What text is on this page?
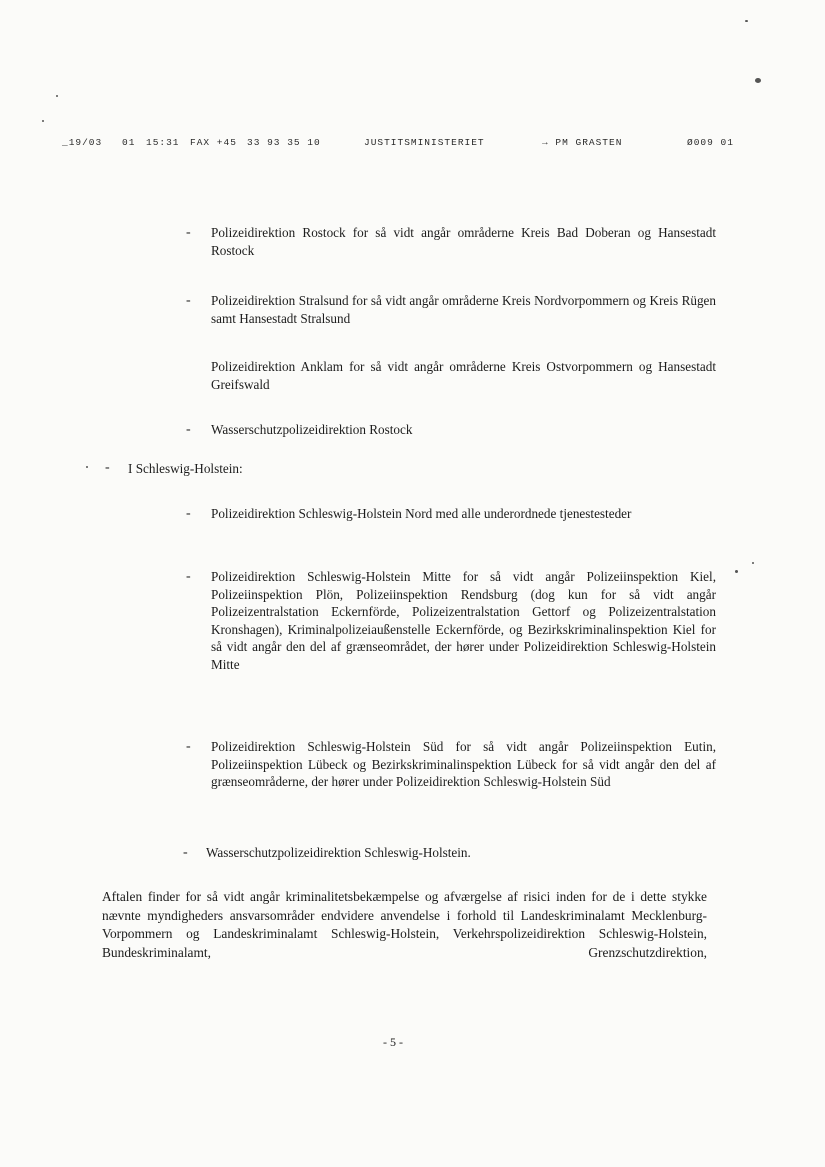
_19/03 01 15:31 FAX +45 33 93 35 10	JUSTITSMINISTERIET	→ PM GRASTEN	Ø009 01
- Polizeidirektion Rostock for så vidt angår områderne Kreis Bad Doberan og Hansestadt Rostock
- Polizeidirektion Stralsund for så vidt angår områderne Kreis Nordvorpommern og Kreis Rügen samt Hansestadt Stralsund
Polizeidirektion Anklam for så vidt angår områderne Kreis Ostvorpommern og Hansestadt Greifswald
- Wasserschutzpolizeidirektion Rostock
- I Schleswig-Holstein:
- Polizeidirektion Schleswig-Holstein Nord med alle underordnede tjenestesteder
- Polizeidirektion Schleswig-Holstein Mitte for så vidt angår Polizeiinspektion Kiel, Polizeiinspektion Plön, Polizeiinspektion Rendsburg (dog kun for så vidt angår Polizeizentralstation Eckernförde, Polizeizentralstation Gettorf og Polizeizentralstation Kronshagen), Kriminalpolizeiaußenstelle Eckernförde, og Bezirkskriminalinspektion Kiel for så vidt angår den del af grænseområdet, der hører under Polizeidirektion Schleswig-Holstein Mitte
- Polizeidirektion Schleswig-Holstein Süd for så vidt angår Polizeiinspektion Eutin, Polizeiinspektion Lübeck og Bezirkskriminalinspektion Lübeck for så vidt angår den del af grænseområderne, der hører under Polizeidirektion Schleswig-Holstein Süd
- Wasserschutzpolizeidirektion Schleswig-Holstein.
Aftalen finder for så vidt angår kriminalitetsbekæmpelse og afværgelse af risici inden for de i dette stykke nævnte myndigheders ansvarsområder endvidere anvendelse i forhold til Landeskriminalamt Mecklenburg-Vorpommern og Landeskriminalamt Schleswig-Holstein, Verkehrspolizeidirektion Schleswig-Holstein, Bundeskriminalamt, Grenzschutzdirektion,
- 5 -
